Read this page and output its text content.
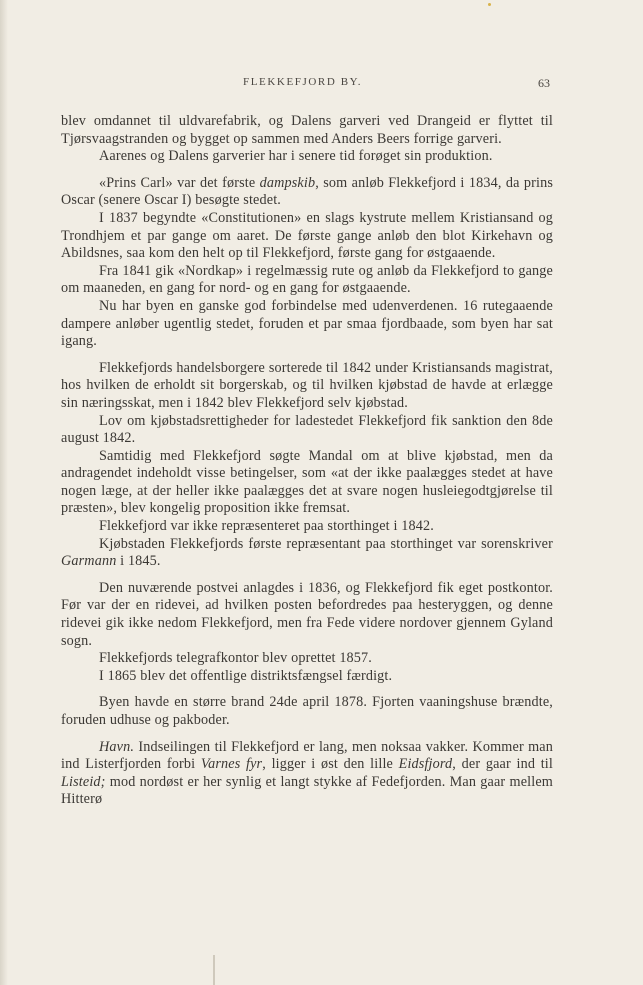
FLEKKEFJORD BY.	63

blev omdannet til uldvarefabrik, og Dalens garveri ved Drangeid er flyttet til Tjørsvaagstranden og bygget op sammen med Anders Beers forrige garveri.

Aarenes og Dalens garverier har i senere tid forøget sin produktion.

«Prins Carl» var det første dampskib, som anløb Flekkefjord i 1834, da prins Oscar (senere Oscar I) besøgte stedet.

I 1837 begyndte «Constitutionen» en slags kystrute mellem Kristiansand og Trondhjem et par gange om aaret. De første gange anløb den blot Kirkehavn og Abildsnes, saa kom den helt op til Flekkefjord, første gang for østgaaende.

Fra 1841 gik «Nordkap» i regelmæssig rute og anløb da Flekkefjord to gange om maaneden, en gang for nord- og en gang for østgaaende.

Nu har byen en ganske god forbindelse med udenverdenen. 16 rutegaaende dampere anløber ugentlig stedet, foruden et par smaa fjordbaade, som byen har sat igang.

Flekkefjords handelsborgere sorterede til 1842 under Kristiansands magistrat, hos hvilken de erholdt sit borgerskab, og til hvilken kjøbstad de havde at erlægge sin næringsskat, men i 1842 blev Flekkefjord selv kjøbstad.

Lov om kjøbstadsrettigheder for ladestedet Flekkefjord fik sanktion den 8de august 1842.

Samtidig med Flekkefjord søgte Mandal om at blive kjøbstad, men da andragendet indeholdt visse betingelser, som «at der ikke paalægges stedet at have nogen læge, at der heller ikke paalægges det at svare nogen husleiegodtgjørelse til præsten», blev kongelig proposition ikke fremsat.

Flekkefjord var ikke repræsenteret paa storthinget i 1842.

Kjøbstaden Flekkefjords første repræsentant paa storthinget var sorenskriver Garmann i 1845.

Den nuværende postvei anlagdes i 1836, og Flekkefjord fik eget postkontor. Før var der en ridevei, ad hvilken posten befordredes paa hesteryggen, og denne ridevei gik ikke nedom Flekkefjord, men fra Fede videre nordover gjennem Gyland sogn.

Flekkefjords telegrafkontor blev oprettet 1857.

I 1865 blev det offentlige distriktsfængsel færdigt.

Byen havde en større brand 24de april 1878. Fjorten vaaningshuse brændte, foruden udhuse og pakboder.

Havn. Indseilingen til Flekkefjord er lang, men noksaa vakker. Kommer man ind Listerfjorden forbi Varnes fyr, ligger i øst den lille Eidsfjord, der gaar ind til Listeid; mod nordøst er her synlig et langt stykke af Fedefjorden. Man gaar mellem Hitterø
